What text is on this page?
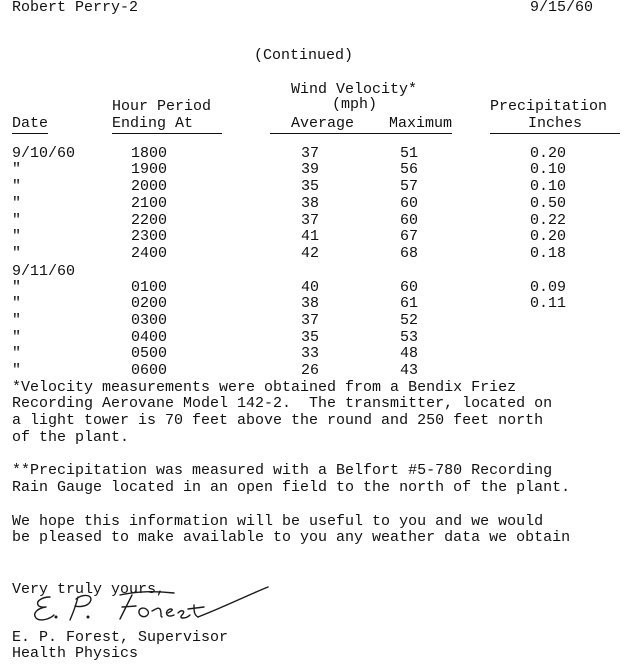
Robert Perry-2	9/15/60
(Continued)
Wind Velocity*
(mph)
Hour Period	Precipitation
Date	Ending At	Average	Maximum	Inches
9/10/60	1800	37	51	0.20
"	1900	39	56	0.10
"	2000	35	57	0.10
"	2100	38	60	0.50
"	2200	37	60	0.22
"	2300	41	67	0.20
"	2400	42	68	0.18
9/11/60
"	0100	40	60	0.09
"	0200	38	61	0.11
"	0300	37	52
"	0400	35	53
"	0500	33	48
"	0600	26	43
*Velocity measurements were obtained from a Bendix Friez
Recording Aerovane Model 142-2.  The transmitter, located on
a light tower is 70 feet above the round and 250 feet north
of the plant.
**Precipitation was measured with a Belfort #5-780 Recording
Rain Gauge located in an open field to the north of the plant.
We hope this information will be useful to you and we would
be pleased to make available to you any weather data we obtain
Very truly yours,
E. P. Forest, Supervisor
Health Physics
